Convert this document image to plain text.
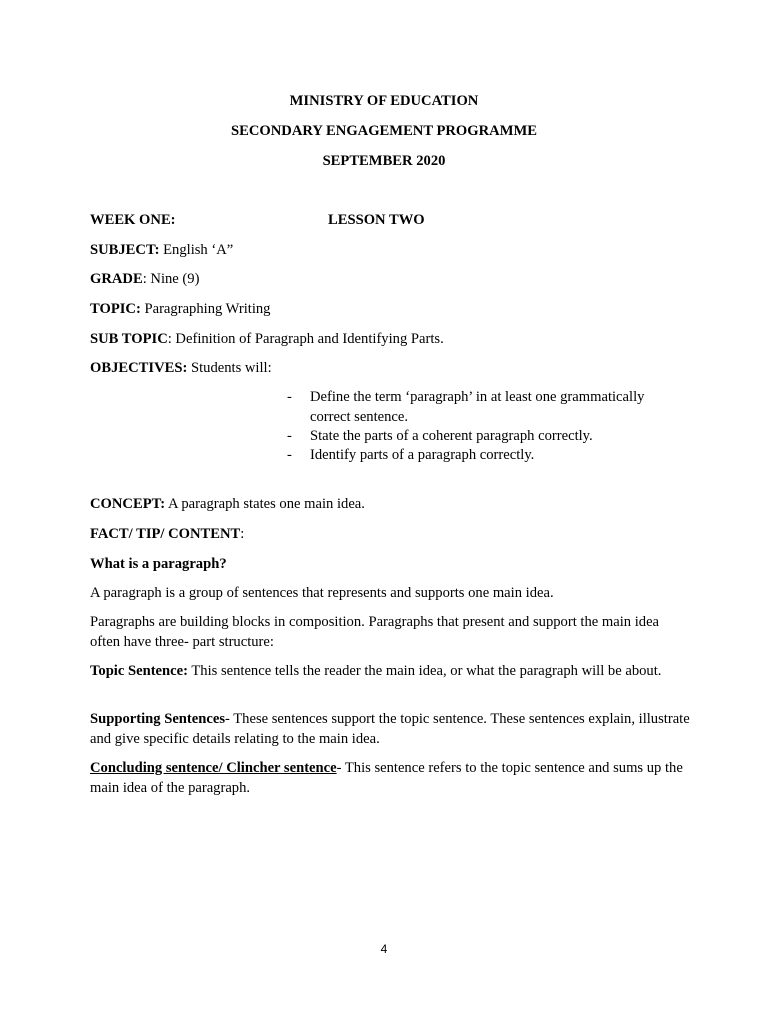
MINISTRY OF EDUCATION
SECONDARY ENGAGEMENT PROGRAMME
SEPTEMBER 2020
WEEK ONE:	LESSON TWO
SUBJECT: English ‘A”
GRADE: Nine (9)
TOPIC: Paragraphing Writing
SUB TOPIC: Definition of Paragraph and Identifying Parts.
OBJECTIVES: Students will:
- Define the term ‘paragraph’ in at least one grammatically correct sentence.
- State the parts of a coherent paragraph correctly.
- Identify parts of a paragraph correctly.
CONCEPT: A paragraph states one main idea.
FACT/ TIP/ CONTENT:
What is a paragraph?
A paragraph is a group of sentences that represents and supports one main idea.
Paragraphs are building blocks in composition. Paragraphs that present and support the main idea often have three- part structure:
Topic Sentence: This sentence tells the reader the main idea, or what the paragraph will be about.
Supporting Sentences- These sentences support the topic sentence. These sentences explain, illustrate and give specific details relating to the main idea.
Concluding sentence/ Clincher sentence- This sentence refers to the topic sentence and sums up the main idea of the paragraph.
4
